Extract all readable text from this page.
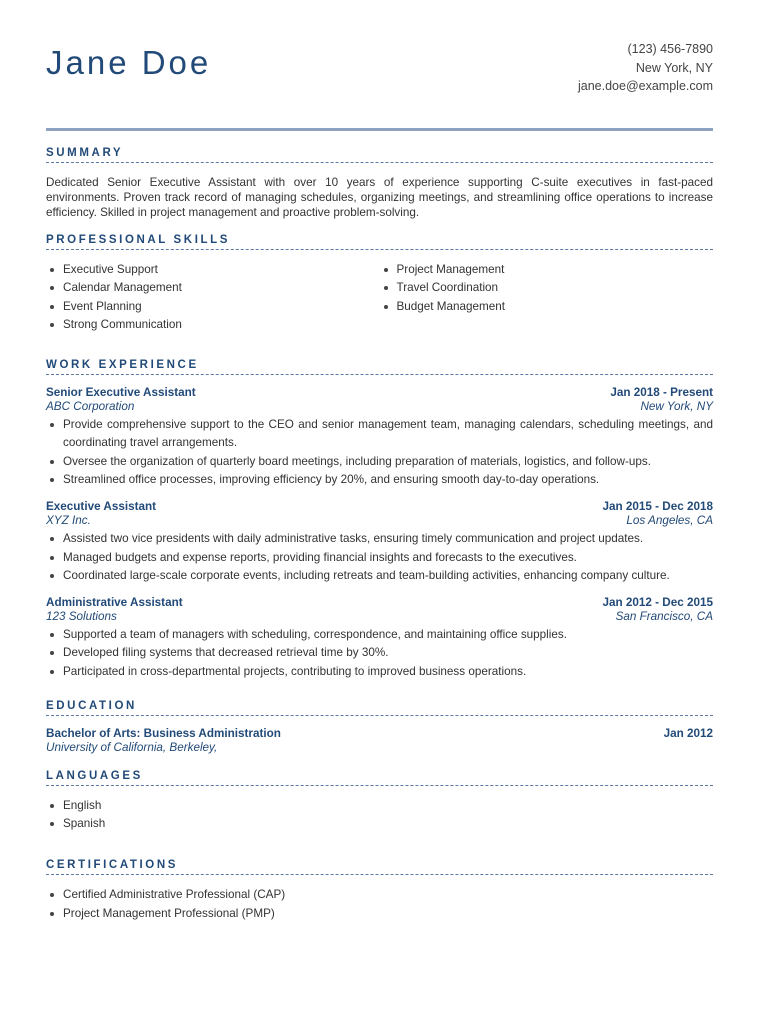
Jane Doe	(123) 456-7890
New York, NY
jane.doe@example.com
SUMMARY

Dedicated Senior Executive Assistant with over 10 years of experience supporting C-suite executives in fast-paced environments. Proven track record of managing schedules, organizing meetings, and streamlining office operations to increase efficiency. Skilled in project management and proactive problem-solving.

PROFESSIONAL SKILLS
Executive Support
Calendar Management
Event Planning
Strong Communication
Project Management
Travel Coordination
Budget Management
WORK EXPERIENCE
Senior Executive Assistant	Jan 2018 - Present
ABC Corporation	New York, NY
Provide comprehensive support to the CEO and senior management team, managing calendars, scheduling meetings, and coordinating travel arrangements.
Oversee the organization of quarterly board meetings, including preparation of materials, logistics, and follow-ups.
Streamlined office processes, improving efficiency by 20%, and ensuring smooth day-to-day operations.
Executive Assistant	Jan 2015 - Dec 2018
XYZ Inc.	Los Angeles, CA
Assisted two vice presidents with daily administrative tasks, ensuring timely communication and project updates.
Managed budgets and expense reports, providing financial insights and forecasts to the executives.
Coordinated large-scale corporate events, including retreats and team-building activities, enhancing company culture.
Administrative Assistant	Jan 2012 - Dec 2015
123 Solutions	San Francisco, CA
Supported a team of managers with scheduling, correspondence, and maintaining office supplies.
Developed filing systems that decreased retrieval time by 30%.
Participated in cross-departmental projects, contributing to improved business operations.
EDUCATION
Bachelor of Arts: Business Administration	Jan 2012
University of California, Berkeley,
LANGUAGES
English
Spanish
CERTIFICATIONS
Certified Administrative Professional (CAP)
Project Management Professional (PMP)
